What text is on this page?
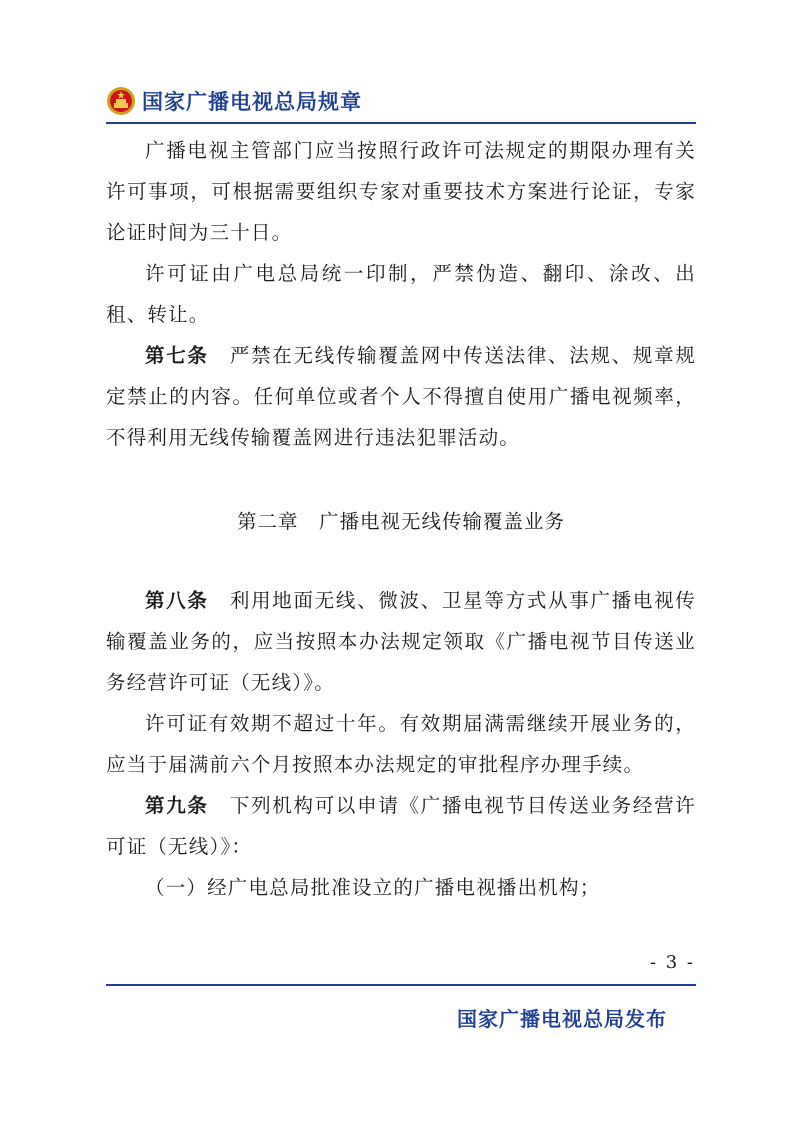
国家广播电视总局规章

广播电视主管部门应当按照行政许可法规定的期限办理有关许可事项，可根据需要组织专家对重要技术方案进行论证，专家论证时间为三十日。

许可证由广电总局统一印制，严禁伪造、翻印、涂改、出租、转让。

第七条　 严禁在无线传输覆盖网中传送法律、法规、规章规定禁止的内容。任何单位或者个人不得擅自使用广播电视频率，不得利用无线传输覆盖网进行违法犯罪活动。

第二章　广播电视无线传输覆盖业务

第八条　 利用地面无线、微波、卫星等方式从事广播电视传输覆盖业务的，应当按照本办法规定领取《广播电视节目传送业务经营许可证（无线）》。

许可证有效期不超过十年。有效期届满需继续开展业务的，应当于届满前六个月按照本办法规定的审批程序办理手续。

第九条　 下列机构可以申请《广播电视节目传送业务经营许可证（无线）》：

（一）经广电总局批准设立的广播电视播出机构；

- 3 -
国家广播电视总局发布
